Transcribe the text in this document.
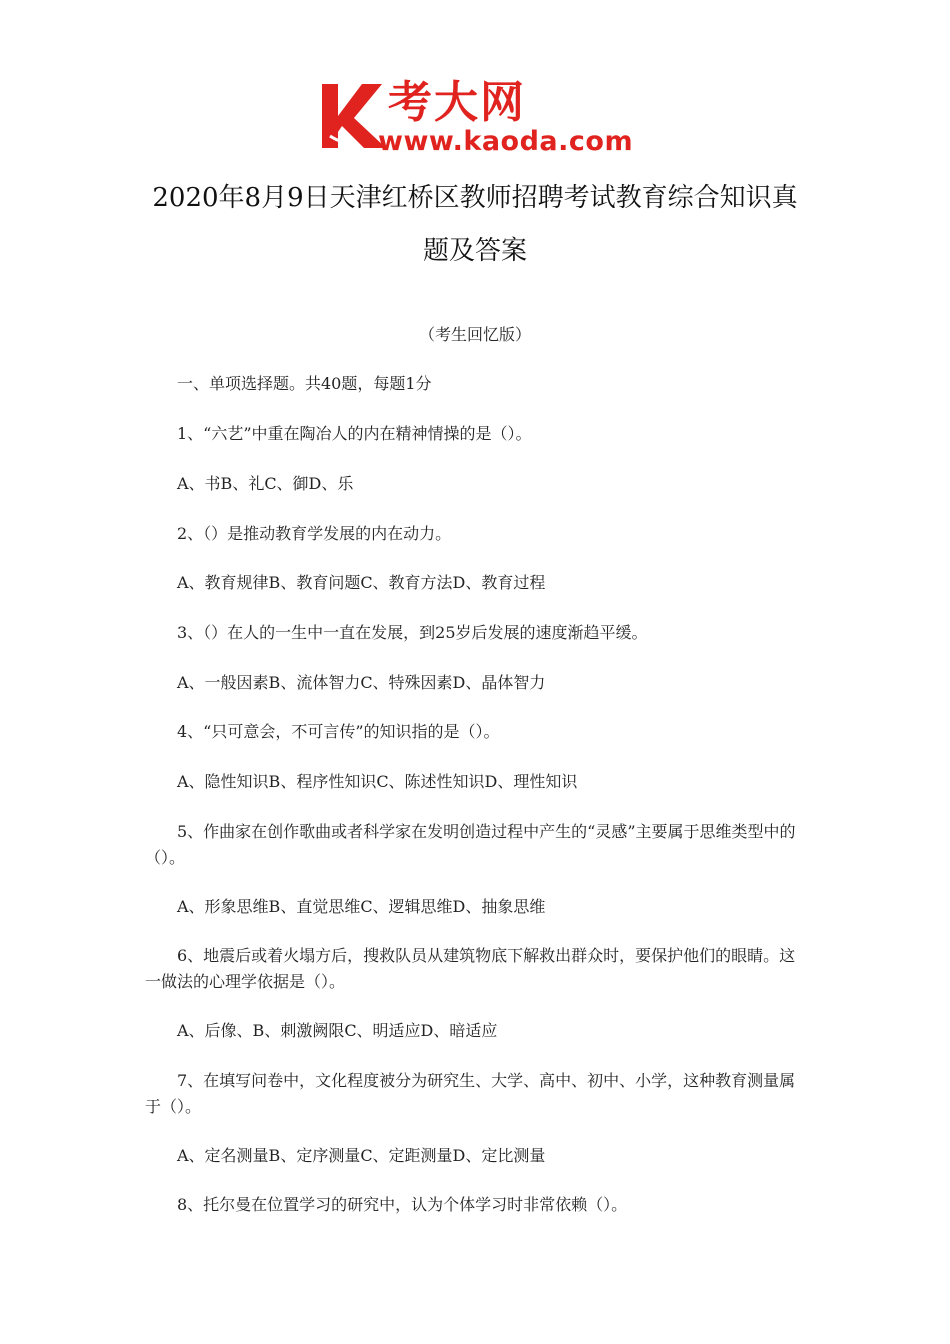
考大网
www.kaoda.com
2020年8月9日天津红桥区教师招聘考试教育综合知识真题及答案
（考生回忆版）
一、单项选择题。共40题，每题1分
1、“六艺”中重在陶冶人的内在精神情操的是（）。
A、书B、礼C、御D、乐
2、（）是推动教育学发展的内在动力。
A、教育规律B、教育问题C、教育方法D、教育过程
3、（）在人的一生中一直在发展，到25岁后发展的速度渐趋平缓。
A、一般因素B、流体智力C、特殊因素D、晶体智力
4、“只可意会，不可言传”的知识指的是（）。
A、隐性知识B、程序性知识C、陈述性知识D、理性知识
5、作曲家在创作歌曲或者科学家在发明创造过程中产生的“灵感”主要属于思维类型中的（）。
A、形象思维B、直觉思维C、逻辑思维D、抽象思维
6、地震后或着火塌方后，搜救队员从建筑物底下解救出群众时，要保护他们的眼睛。这一做法的心理学依据是（）。
A、后像、B、刺激阙限C、明适应D、暗适应
7、在填写问卷中，文化程度被分为研究生、大学、高中、初中、小学，这种教育测量属于（）。
A、定名测量B、定序测量C、定距测量D、定比测量
8、托尔曼在位置学习的研究中，认为个体学习时非常依赖（）。
